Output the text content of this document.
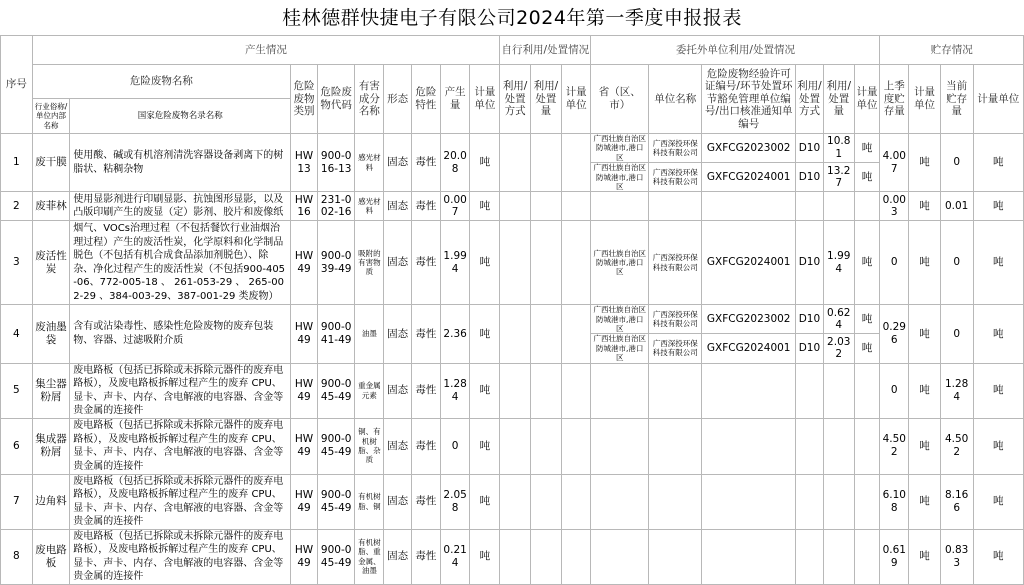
桂林德群快捷电子有限公司2024年第一季度申报报表
序号	产生情况									自行利用/处置情况			委托外单位利用/处置情况						贮存情况			
	危险废物名称		危险废物类别	危险废物代码	有害成分名称	形态	危险特性	产生量	计量单位	利用/处置方式	利用/处置量	计量单位	省（区、市）	单位名称	危险废物经验许可证编号/环节处置环节豁免管理单位编号/出口核准通知单编号	利用/处置方式	利用/处置量	计量单位	上季度贮存量	计量单位	当前贮存量	计量单位
	行业俗称/单位内部名称	国家危险废物名录名称																				
1	废干膜	使用酸、碱或有机溶剂清洗容器设备剥离下的树脂状、粘稠杂物	HW13	900-016-13	感光材料	固态	毒性	20.08	吨				广西壮族自治区防城港市,港口区	广西深投环保科技有限公司	GXFCG2023002	D10	10.81	吨	4.007	吨	0	吨
													广西壮族自治区防城港市,港口区	广西深投环保科技有限公司	GXFCG2024001	D10	13.27	吨				
2	废菲林	使用显影剂进行印刷显影、抗蚀图形显影，以及凸版印刷产生的废显（定）影剂、胶片和废像纸	HW16	231-002-16	感光材料	固态	毒性	0.007	吨										0.003	吨	0.01	吨
3	废活性炭	烟气、VOCs治理过程（不包括餐饮行业油烟治理过程）产生的废活性炭，化学原料和化学制品脱色（不包括有机合成食品添加剂脱色）、除杂、净化过程产生的废活性炭（不包括900-405-06、772-005-18 、 261-053-29 、 265-002-29 、384-003-29、387-001-29 类废物）	HW49	900-039-49	吸附的有害物质	固态	毒性	1.994	吨				广西壮族自治区防城港市,港口区	广西深投环保科技有限公司	GXFCG2024001	D10	1.994	吨	0	吨	0	吨
4	废油墨袋	含有或沾染毒性、感染性危险废物的废弃包装物、容器、过滤吸附介质	HW49	900-041-49	油墨	固态	毒性	2.36	吨				广西壮族自治区防城港市,港口区	广西深投环保科技有限公司	GXFCG2023002	D10	0.624	吨	0.296	吨	0	吨
													广西壮族自治区防城港市,港口区	广西深投环保科技有限公司	GXFCG2024001	D10	2.032	吨				
5	集尘器粉屑	废电路板（包括已拆除或未拆除元器件的废弃电路板），及废电路板拆解过程产生的废弃 CPU、显卡、声卡、内存、含电解液的电容器、含金等贵金属的连接件	HW49	900-045-49	重金属元素	固态	毒性	1.284	吨										0	吨	1.284	吨
6	集成器粉屑	废电路板（包括已拆除或未拆除元器件的废弃电路板），及废电路板拆解过程产生的废弃 CPU、显卡、声卡、内存、含电解液的电容器、含金等贵金属的连接件	HW49	900-045-49	铜、有机树脂、杂质	固态	毒性	0	吨										4.502	吨	4.502	吨
7	边角料	废电路板（包括已拆除或未拆除元器件的废弃电路板），及废电路板拆解过程产生的废弃 CPU、显卡、声卡、内存、含电解液的电容器、含金等贵金属的连接件	HW49	900-045-49	有机树脂、铜	固态	毒性	2.058	吨										6.108	吨	8.166	吨
8	废电路板	废电路板（包括已拆除或未拆除元器件的废弃电路板），及废电路板拆解过程产生的废弃 CPU、显卡、声卡、内存、含电解液的电容器、含金等贵金属的连接件	HW49	900-045-49	有机树脂、重金属、油墨	固态	毒性	0.214	吨										0.619	吨	0.833	吨
